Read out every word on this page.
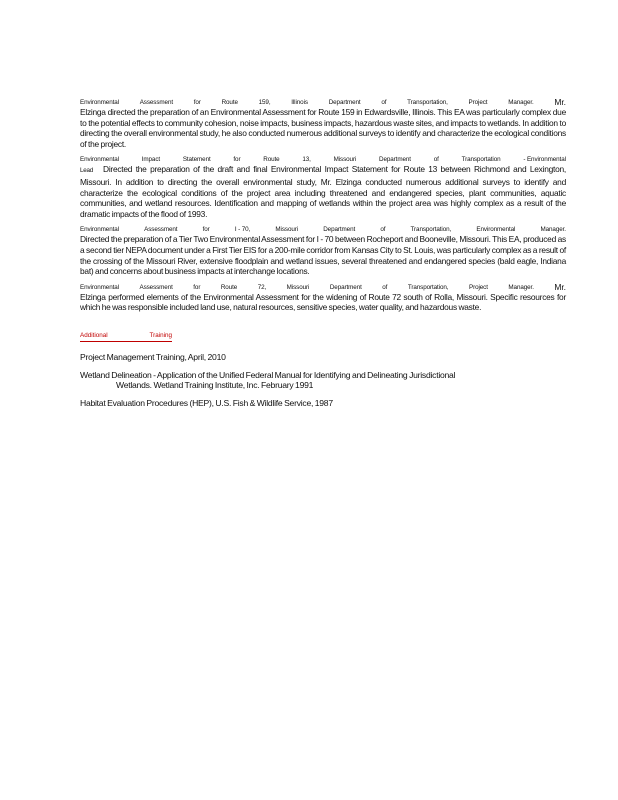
Environmental	Assessment	for	Route	159,	Illinois	Department	of	Transportation,	Project	Manager. Mr.
Elzinga directed the preparation of an Environmental Assessment for Route 159 in Edwardsville, Illinois. This EA was particularly complex due to the potential effects to community cohesion, noise impacts, business impacts, hazardous waste sites, and impacts to wetlands. In addition to directing the overall environmental study, he also conducted numerous additional surveys to identify and characterize the ecological conditions of the project.
Environmental	Impact	Statement	for	Route	13,	Missouri	Department	of	Transportation	- Environmental
Lead Directed the preparation of the draft and final Environmental Impact Statement for Route 13 between Richmond and Lexington, Missouri. In addition to directing the overall environmental study, Mr. Elzinga conducted numerous additional surveys to identify and characterize the ecological conditions of the project area including threatened and endangered species, plant communities, aquatic communities, and wetland resources. Identification and mapping of wetlands within the project area was highly complex as a result of the dramatic impacts of the flood of 1993.
Environmental	Assessment	for	I - 70,	Missouri	Department	of	Transportation,	Environmental	Manager.
Directed the preparation of a Tier Two Environmental Assessment for I - 70 between Rocheport and Booneville, Missouri. This EA, produced as a second tier NEPA document under a First Tier EIS for a 200-mile corridor from Kansas City to St. Louis, was particularly complex as a result of the crossing of the Missouri River, extensive floodplain and wetland issues, several threatened and endangered species (bald eagle, Indiana bat) and concerns about business impacts at interchange locations.
Environmental	Assessment	for	Route	72,	Missouri	Department	of	Transportation,	Project	Manager. Mr.
Elzinga performed elements of the Environmental Assessment for the widening of Route 72 south of Rolla, Missouri. Specific resources for which he was responsible included land use, natural resources, sensitive species, water quality, and hazardous waste.
Additional	Training
Project Management Training, April, 2010
Wetland Delineation - Application of the Unified Federal Manual for Identifying and Delineating Jurisdictional
Wetlands. Wetland Training Institute, Inc. February 1991
Habitat Evaluation Procedures (HEP), U.S. Fish & Wildlife Service, 1987
